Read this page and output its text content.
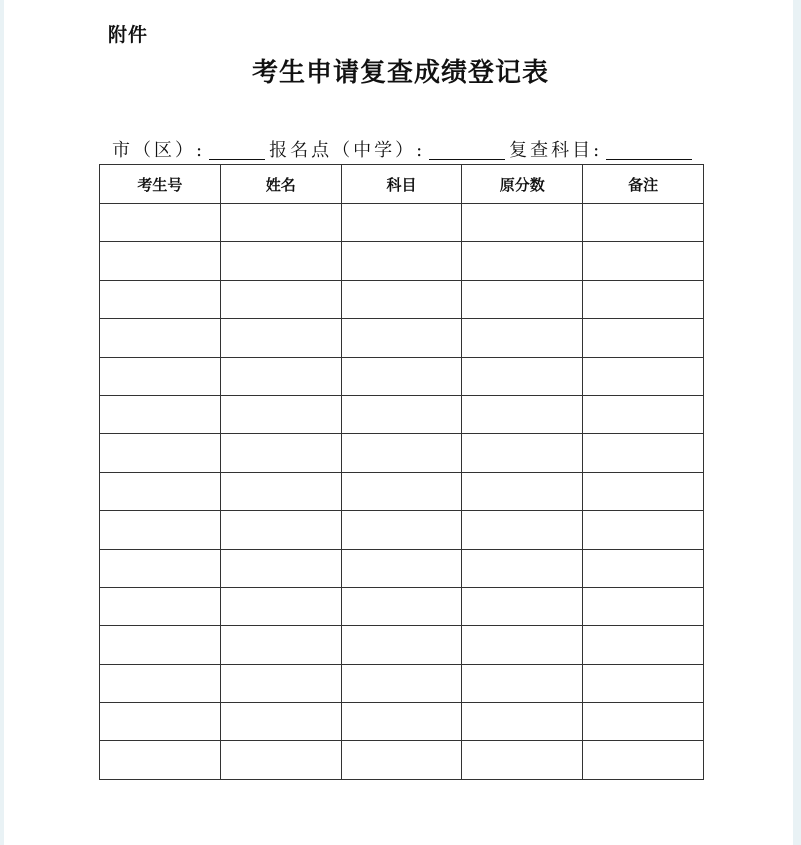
附件
考生申请复查成绩登记表
市（区）:	报名点（中学）:	复查科目:
考生号	姓名	科目	原分数	备注
